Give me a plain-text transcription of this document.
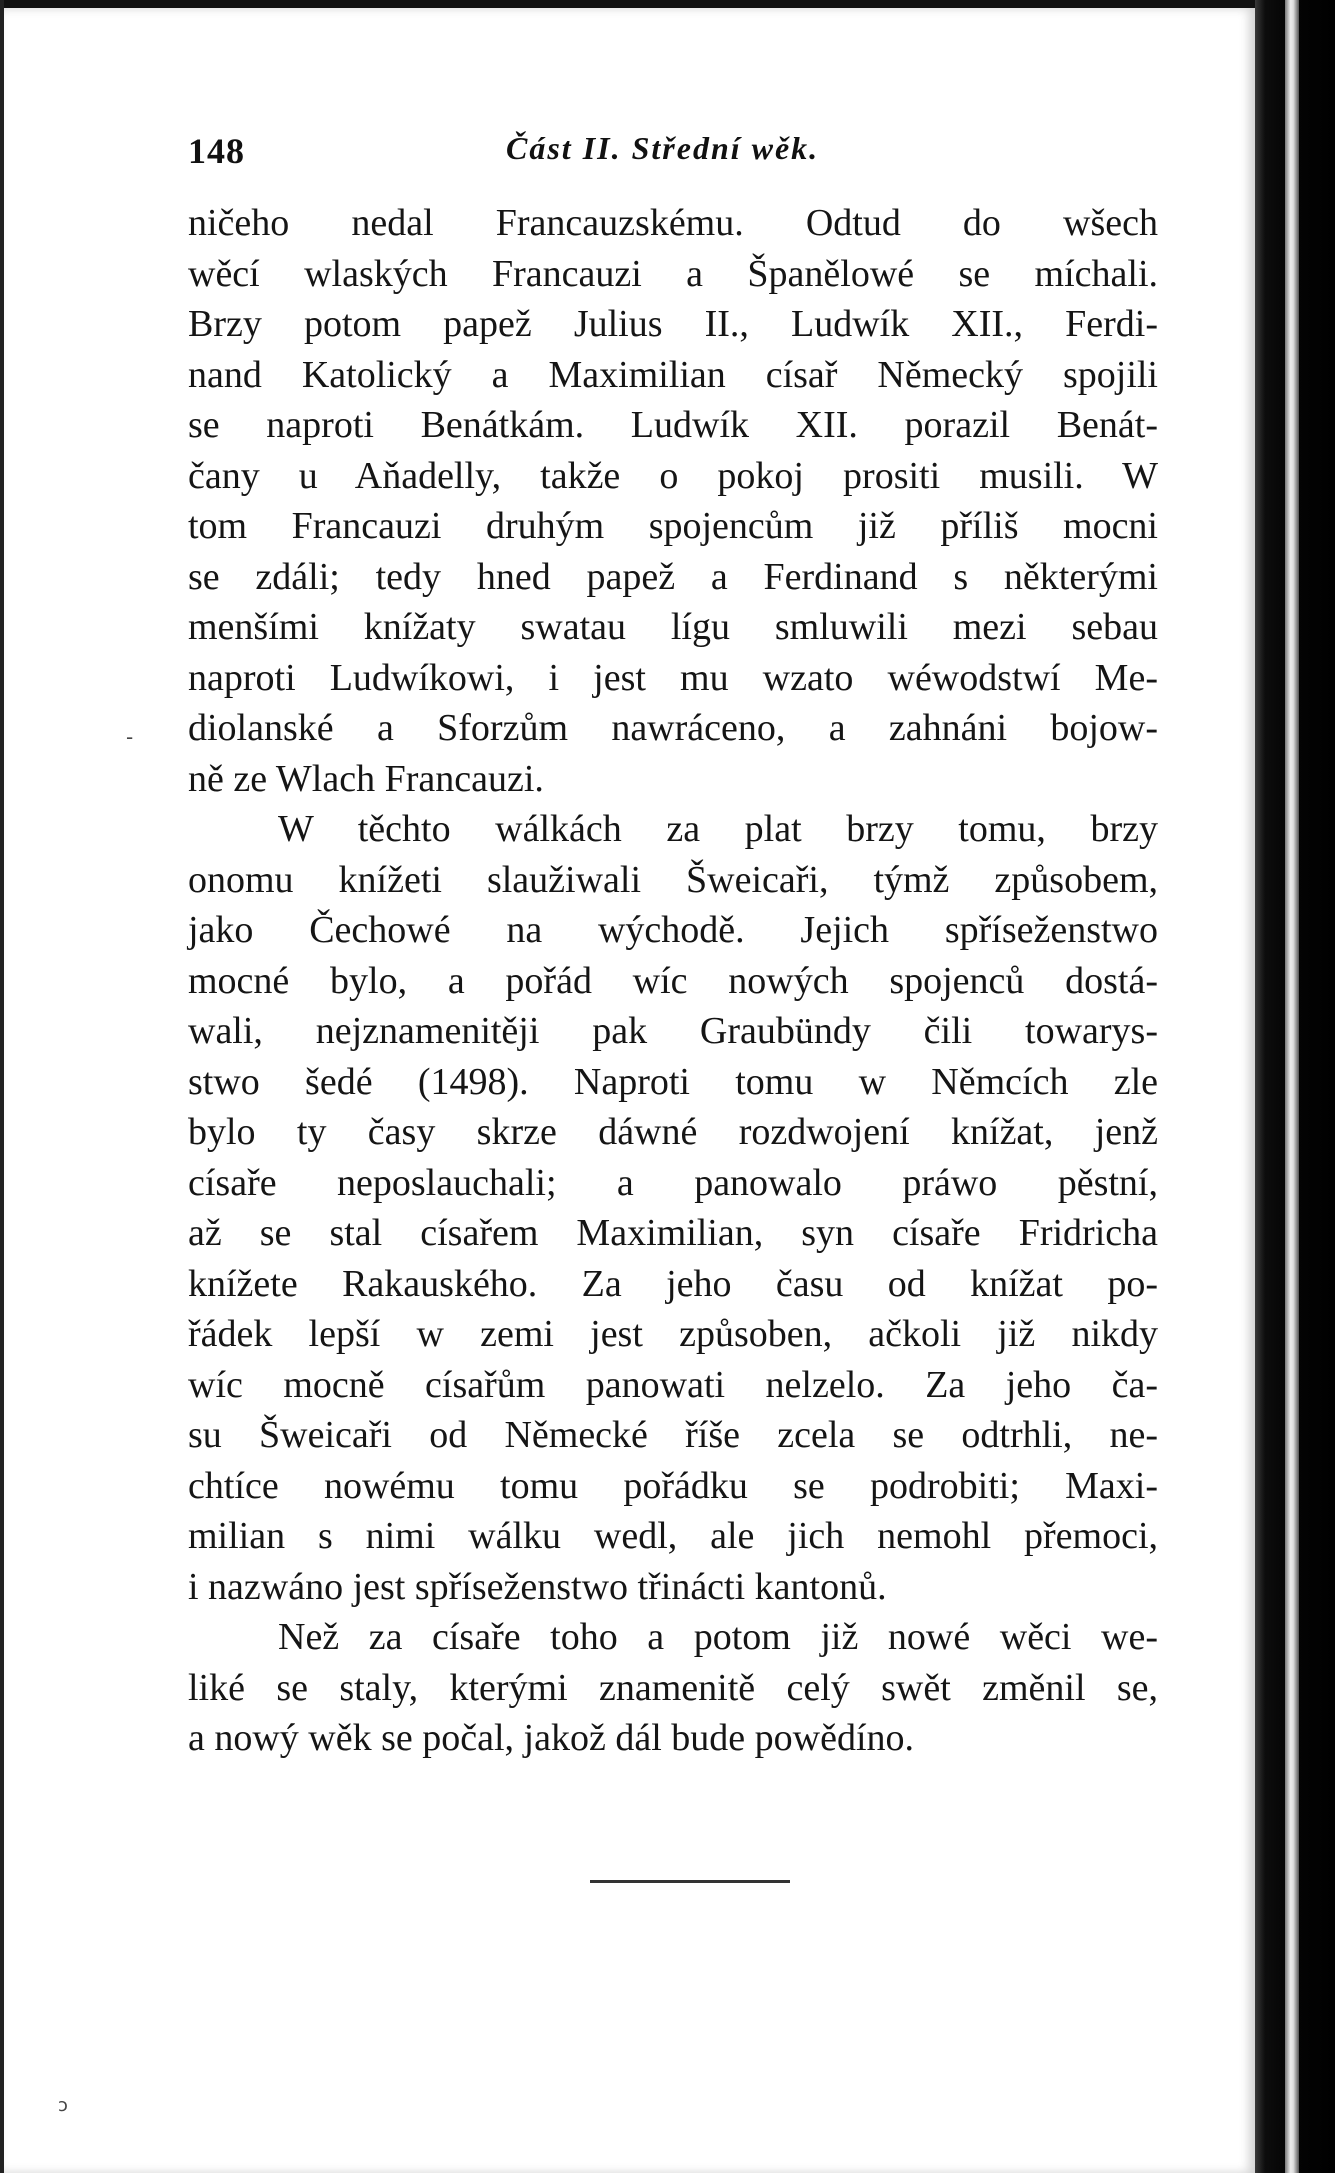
148	Část II. Střední wěk.
ničeho nedal Francauzskému. Odtud do wšech
wěcí wlaských Francauzi a Španělowé se míchali.
Brzy potom papež Julius II., Ludwík XII., Ferdi-
nand Katolický a Maximilian císař Německý spojili
se naproti Benátkám. Ludwík XII. porazil Benát-
čany u Aňadelly, takže o pokoj prositi musili. W
tom Francauzi druhým spojencům již příliš mocni
se zdáli; tedy hned papež a Ferdinand s některými
menšími knížaty swatau lígu smluwili mezi sebau
naproti Ludwíkowi, i jest mu wzato wéwodstwí Me-
diolanské a Sforzům nawráceno, a zahnáni bojow-
ně ze Wlach Francauzi.
W těchto wálkách za plat brzy tomu, brzy
onomu knížeti slaužiwali Šweicaři, týmž způsobem,
jako Čechowé na wýchodě. Jejich spříseženstwo
mocné bylo, a pořád wíc nowých spojenců dostá-
wali, nejznamenitěji pak Graubündy čili towarys-
stwo šedé (1498). Naproti tomu w Němcích zle
bylo ty časy skrze dáwné rozdwojení knížat, jenž
císaře neposlauchali; a panowalo práwo pěstní,
až se stal císařem Maximilian, syn císaře Fridricha
knížete Rakauského. Za jeho času od knížat po-
řádek lepší w zemi jest způsoben, ačkoli již nikdy
wíc mocně císařům panowati nelzelo. Za jeho ča-
su Šweicaři od Německé říše zcela se odtrhli, ne-
chtíce nowému tomu pořádku se podrobiti; Maxi-
milian s nimi wálku wedl, ale jich nemohl přemoci,
i nazwáno jest spříseženstwo třinácti kantonů.
Než za císaře toho a potom již nowé wěci we-
liké se staly, kterými znamenitě celý swět změnil se,
a nowý wěk se počal, jakož dál bude powědíno.
-
ɔ
